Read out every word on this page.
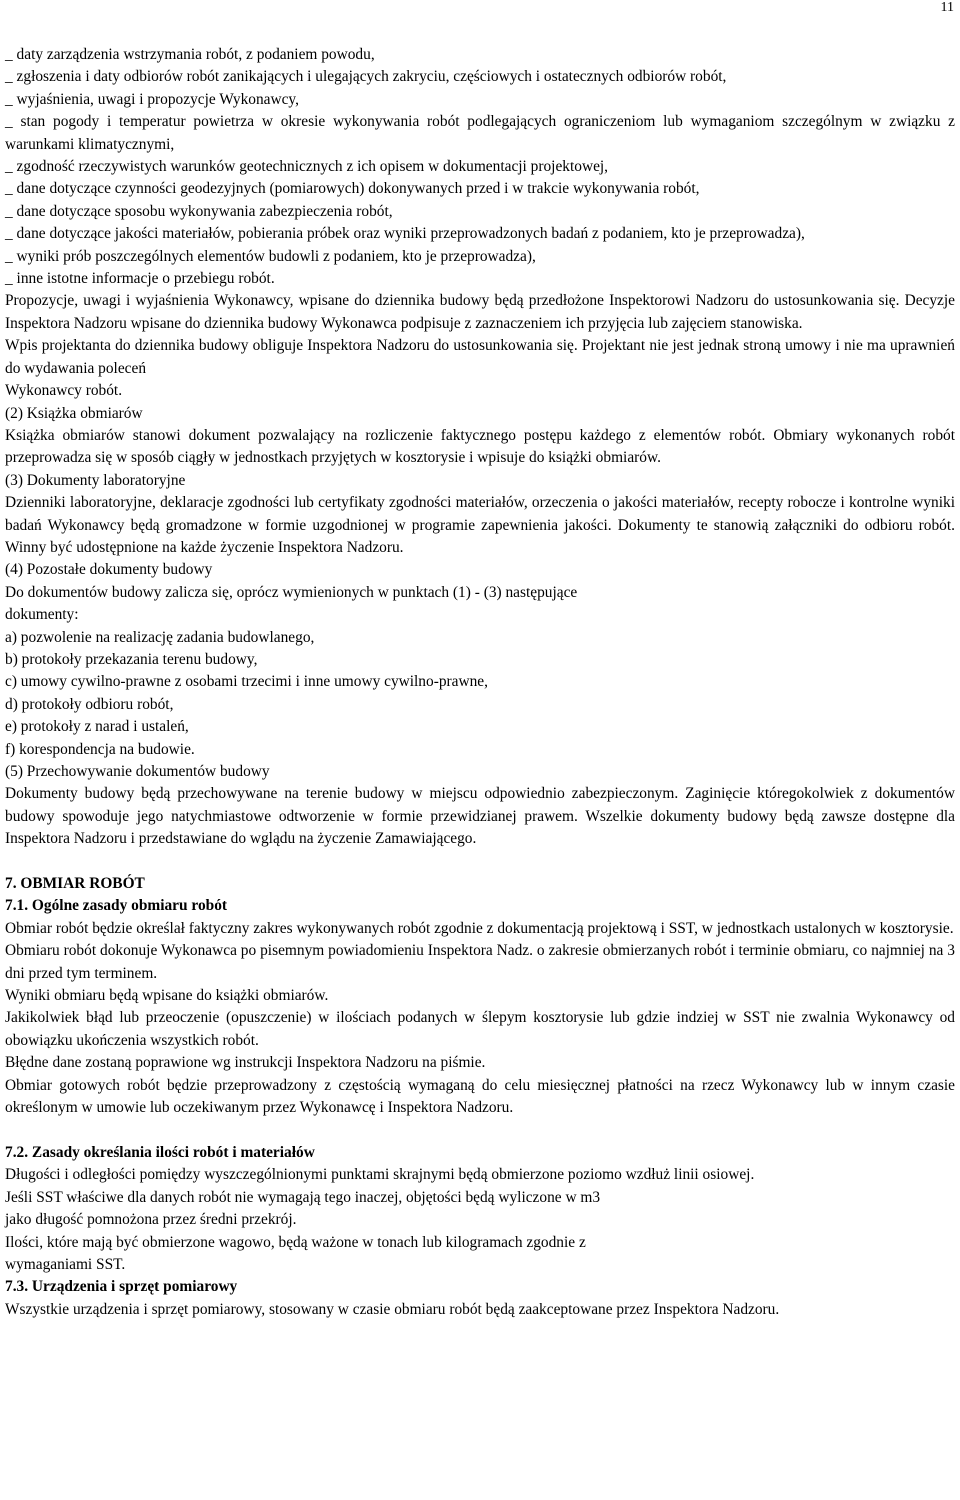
11

_ daty zarządzenia wstrzymania robót, z podaniem powodu,

_ zgłoszenia i daty odbiorów robót zanikających i ulegających zakryciu, częściowych i ostatecznych odbiorów robót,

_ wyjaśnienia, uwagi i propozycje Wykonawcy,

_ stan pogody i temperatur powietrza w okresie wykonywania robót podlegających ograniczeniom lub wymaganiom szczególnym w związku z warunkami klimatycznymi,

_ zgodność rzeczywistych warunków geotechnicznych z ich opisem w dokumentacji projektowej,

_ dane dotyczące czynności geodezyjnych (pomiarowych) dokonywanych przed i w trakcie wykonywania robót,

_ dane dotyczące sposobu wykonywania zabezpieczenia robót,

_ dane dotyczące jakości materiałów, pobierania próbek oraz wyniki przeprowadzonych badań z podaniem, kto je przeprowadza),

_ wyniki prób poszczególnych elementów budowli z podaniem, kto je przeprowadza),

_ inne istotne informacje o przebiegu robót.

Propozycje, uwagi i wyjaśnienia Wykonawcy, wpisane do dziennika budowy będą przedłożone Inspektorowi Nadzoru do ustosunkowania się. Decyzje Inspektora Nadzoru wpisane do dziennika budowy Wykonawca podpisuje z zaznaczeniem ich przyjęcia lub zajęciem stanowiska.

Wpis projektanta do dziennika budowy obliguje Inspektora Nadzoru do ustosunkowania się. Projektant nie jest jednak stroną umowy i nie ma uprawnień do wydawania poleceń

Wykonawcy robót.

(2) Książka obmiarów

Książka obmiarów stanowi dokument pozwalający na rozliczenie faktycznego postępu każdego z elementów robót. Obmiary wykonanych robót przeprowadza się w sposób ciągły w jednostkach przyjętych w kosztorysie i wpisuje do książki obmiarów.

(3) Dokumenty laboratoryjne

Dzienniki laboratoryjne, deklaracje zgodności lub certyfikaty zgodności materiałów, orzeczenia o jakości materiałów, recepty robocze i kontrolne wyniki badań Wykonawcy będą gromadzone w formie uzgodnionej w programie zapewnienia jakości. Dokumenty te stanowią załączniki do odbioru robót. Winny być udostępnione na każde życzenie Inspektora Nadzoru.

(4) Pozostałe dokumenty budowy

Do dokumentów budowy zalicza się, oprócz wymienionych w punktach (1) - (3) następujące

dokumenty:

a) pozwolenie na realizację zadania budowlanego,

b) protokoły przekazania terenu budowy,

c) umowy cywilno-prawne z osobami trzecimi i inne umowy cywilno-prawne,

d) protokoły odbioru robót,

e) protokoły z narad i ustaleń,

f) korespondencja na budowie.

(5) Przechowywanie dokumentów budowy

Dokumenty budowy będą przechowywane na terenie budowy w miejscu odpowiednio zabezpieczonym. Zaginięcie któregokolwiek z dokumentów budowy spowoduje jego natychmiastowe odtworzenie w formie przewidzianej prawem. Wszelkie dokumenty budowy będą zawsze dostępne dla Inspektora Nadzoru i przedstawiane do wglądu na życzenie Zamawiającego.

7. OBMIAR ROBÓT
7.1. Ogólne zasady obmiaru robót

Obmiar robót będzie określał faktyczny zakres wykonywanych robót zgodnie z dokumentacją projektową i SST, w jednostkach ustalonych w kosztorysie.

Obmiaru robót dokonuje Wykonawca po pisemnym powiadomieniu Inspektora Nadz. o zakresie obmierzanych robót i terminie obmiaru, co najmniej na 3 dni przed tym terminem.

Wyniki obmiaru będą wpisane do książki obmiarów.

Jakikolwiek błąd lub przeoczenie (opuszczenie) w ilościach podanych w ślepym kosztorysie lub gdzie indziej w SST nie zwalnia Wykonawcy od obowiązku ukończenia wszystkich robót.

Błędne dane zostaną poprawione wg instrukcji Inspektora Nadzoru na piśmie.

Obmiar gotowych robót będzie przeprowadzony z częstością wymaganą do celu miesięcznej płatności na rzecz Wykonawcy lub w innym czasie określonym w umowie lub oczekiwanym przez Wykonawcę i Inspektora Nadzoru.

7.2. Zasady określania ilości robót i materiałów

Długości i odległości pomiędzy wyszczególnionymi punktami skrajnymi będą obmierzone poziomo wzdłuż linii osiowej.

Jeśli SST właściwe dla danych robót nie wymagają tego inaczej, objętości będą wyliczone w m3

jako długość pomnożona przez średni przekrój.

Ilości, które mają być obmierzone wagowo, będą ważone w tonach lub kilogramach zgodnie z

wymaganiami SST.

7.3. Urządzenia i sprzęt pomiarowy

Wszystkie urządzenia i sprzęt pomiarowy, stosowany w czasie obmiaru robót będą zaakceptowane przez Inspektora Nadzoru.
